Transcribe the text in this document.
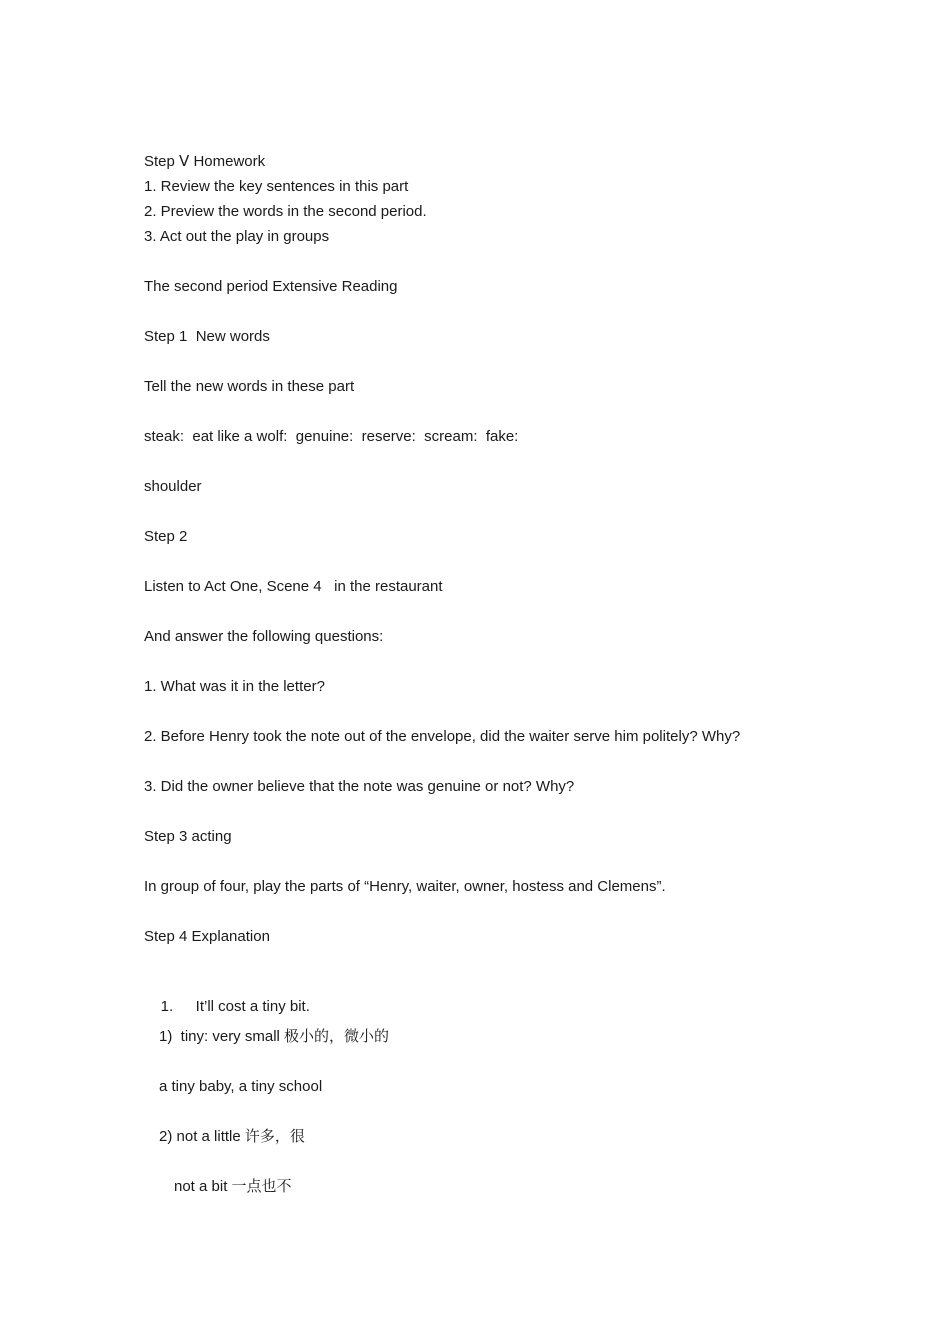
Step Ⅴ Homework
1. Review the key sentences in this part
2. Preview the words in the second period.
3. Act out the play in groups
The second period Extensive Reading
Step 1  New words
Tell the new words in these part
steak:  eat like a wolf:  genuine:  reserve:  scream:  fake:
shoulder
Step 2
Listen to Act One, Scene 4   in the restaurant
And answer the following questions:
1. What was it in the letter?
2. Before Henry took the note out of the envelope, did the waiter serve him politely? Why?
3. Did the owner believe that the note was genuine or not? Why?
Step 3 acting
In group of four, play the parts of “Henry, waiter, owner, hostess and Clemens”.
Step 4 Explanation

1. It’ll cost a tiny bit.

1)  tiny: very small 极小的，微小的
a tiny baby, a tiny school
2) not a little 许多，很
not a bit 一点也不
